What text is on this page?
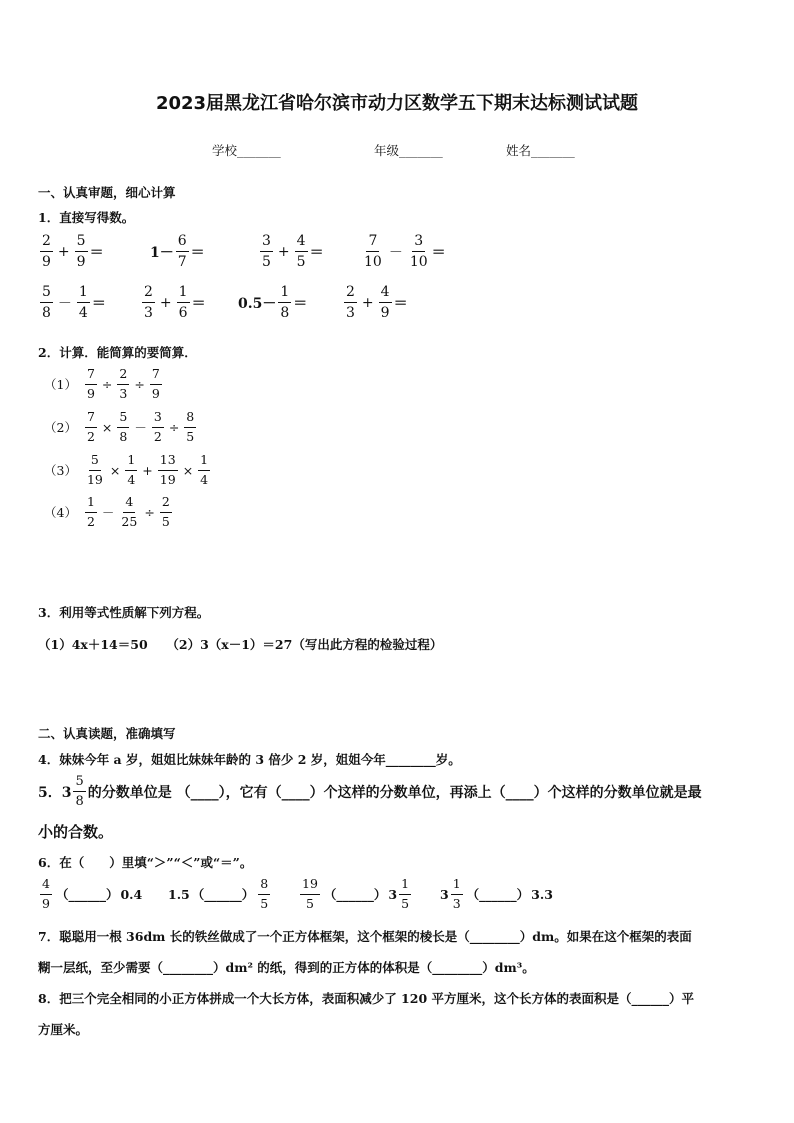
2023届黑龙江省哈尔滨市动力区数学五下期末达标测试试题
学校_______	年级_______	姓名_______
一、认真审题，细心计算
1．直接写得数。
$\frac{2}{9} + \frac{5}{9}$ ＝	$1- \frac{6}{7}$ ＝	$\frac{3}{5} + \frac{4}{5}$ ＝	$\frac{7}{10} - \frac{3}{10}$ ＝
$\frac{5}{8} - \frac{1}{4}$ ＝	$\frac{2}{3} + \frac{1}{6} = 0.5- \frac{1}{8}$ ＝	$\frac{2}{3} + \frac{4}{9}$ ＝
2．计算．能简算的要简算．
$(1) \frac{7}{9} \div \frac{2}{3} \div \frac{7}{9}$
$(2) \frac{7}{2} \times \frac{5}{8} - \frac{3}{2} \div \frac{8}{5}$
$(3) \frac{5}{19} \times \frac{1}{4} + \frac{13}{19} \times \frac{1}{4}$
$(4) \frac{1}{2} - \frac{4}{25} \div \frac{2}{5}$
3．利用等式性质解下列方程。
（1）4x＋14＝50　　（2）3（x－1）＝27（写出此方程的检验过程）
二、认真读题，准确填写
4．妹妹今年 a 岁，姐姐比妹妹年龄的 3 倍少 2 岁，姐姐今年________岁。
5．$3 \frac{5}{8}$ 的分数单位是 （____），它有（____）个这样的分数单位，再添上（____）个这样的分数单位就是最
小的合数。
6．在（　　）里填“＞”“＜”或“＝”。
$\frac{4}{9}$ （______） 0.4 1.5 （______） $\frac{8}{5} \frac{19}{5}$ （______） $3 \frac{1}{5} 3 \frac{1}{3}$ （______） 3.3
7．聪聪用一根 36dm 长的铁丝做成了一个正方体框架，这个框架的棱长是（________）dm。如果在这个框架的表面
糊一层纸，至少需要（________）dm² 的纸，得到的正方体的体积是（________）dm³。
8．把三个完全相同的小正方体拼成一个大长方体，表面积减少了 120 平方厘米，这个长方体的表面积是（______）平
方厘米。
